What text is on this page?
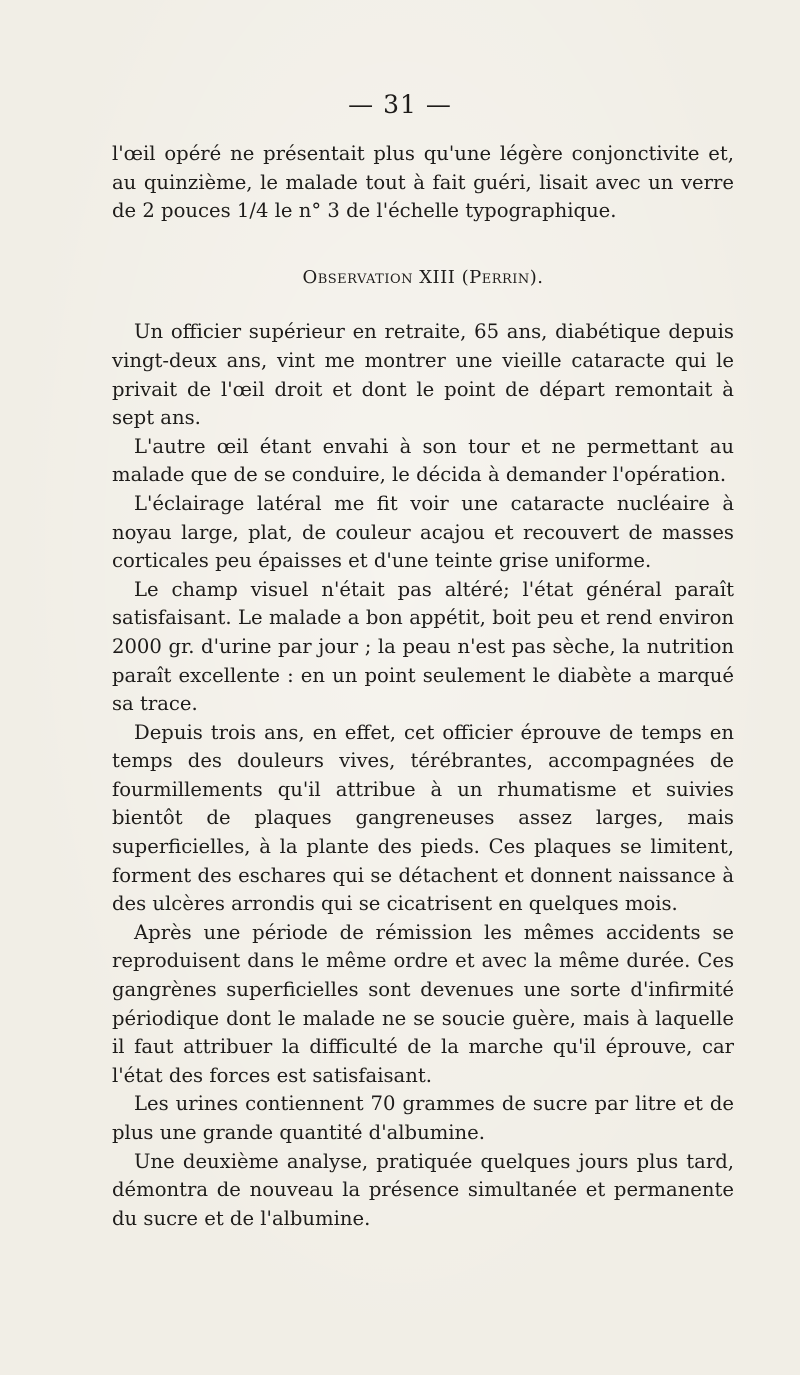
— 31 —

l'œil opéré ne présentait plus qu'une légère conjonctivite et, au quinzième, le malade tout à fait guéri, lisait avec un verre de 2 pouces 1/4 le n° 3 de l'échelle typographique.

Observation XIII (Perrin).

Un officier supérieur en retraite, 65 ans, diabétique depuis vingt-deux ans, vint me montrer une vieille cataracte qui le privait de l'œil droit et dont le point de départ remontait à sept ans.

L'autre œil étant envahi à son tour et ne permettant au malade que de se conduire, le décida à demander l'opération.

L'éclairage latéral me fit voir une cataracte nucléaire à noyau large, plat, de couleur acajou et recouvert de masses corticales peu épaisses et d'une teinte grise uniforme.

Le champ visuel n'était pas altéré; l'état général paraît satisfaisant. Le malade a bon appétit, boit peu et rend environ 2000 gr. d'urine par jour ; la peau n'est pas sèche, la nutrition paraît excellente : en un point seulement le diabète a marqué sa trace.

Depuis trois ans, en effet, cet officier éprouve de temps en temps des douleurs vives, térébrantes, accompagnées de fourmillements qu'il attribue à un rhumatisme et suivies bientôt de plaques gangreneuses assez larges, mais superficielles, à la plante des pieds. Ces plaques se limitent, forment des eschares qui se détachent et donnent naissance à des ulcères arrondis qui se cicatrisent en quelques mois.

Après une période de rémission les mêmes accidents se reproduisent dans le même ordre et avec la même durée. Ces gangrènes superficielles sont devenues une sorte d'infirmité périodique dont le malade ne se soucie guère, mais à laquelle il faut attribuer la difficulté de la marche qu'il éprouve, car l'état des forces est satisfaisant.

Les urines contiennent 70 grammes de sucre par litre et de plus une grande quantité d'albumine.

Une deuxième analyse, pratiquée quelques jours plus tard, démontra de nouveau la présence simultanée et permanente du sucre et de l'albumine.
